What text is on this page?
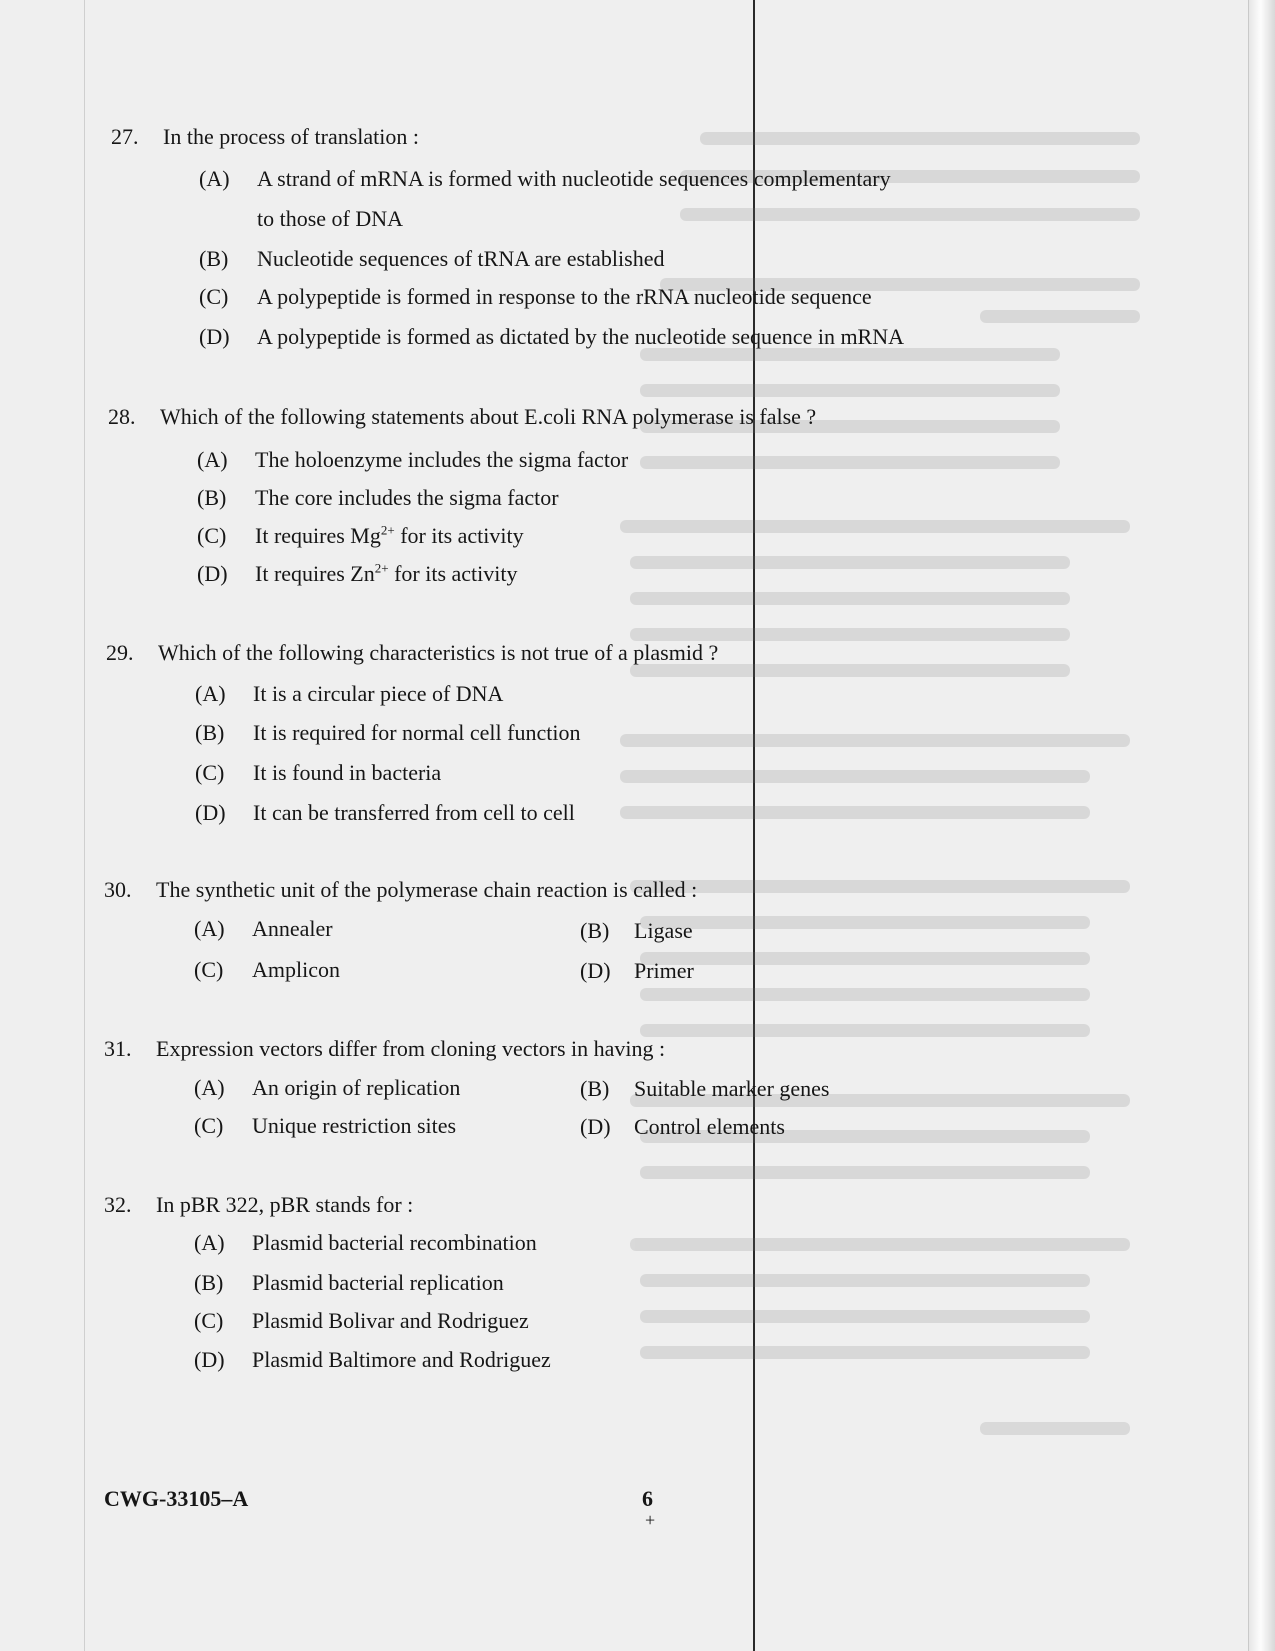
27. In the process of translation :
(A) A strand of mRNA is formed with nucleotide sequences complementary
to those of DNA
(B) Nucleotide sequences of tRNA are established
(C) A polypeptide is formed in response to the rRNA nucleotide sequence
(D) A polypeptide is formed as dictated by the nucleotide sequence in mRNA
28. Which of the following statements about E.coli RNA polymerase is false ?
(A) The holoenzyme includes the sigma factor
(B) The core includes the sigma factor
(C) It requires $Mg^{2+}$ for its activity
(D) It requires $Zn^{2+}$ for its activity
29. Which of the following characteristics is not true of a plasmid ?
(A) It is a circular piece of DNA
(B) It is required for normal cell function
(C) It is found in bacteria
(D) It can be transferred from cell to cell
30. The synthetic unit of the polymerase chain reaction is called :
(A) Annealer	(B) Ligase
(C) Amplicon	(D) Primer
31. Expression vectors differ from cloning vectors in having :
(A) An origin of replication	(B) Suitable marker genes
(C) Unique restriction sites	(D) Control elements
32. In pBR 322, pBR stands for :
(A) Plasmid bacterial recombination
(B) Plasmid bacterial replication
(C) Plasmid Bolivar and Rodriguez
(D) Plasmid Baltimore and Rodriguez
CWG-33105–A	6
+
